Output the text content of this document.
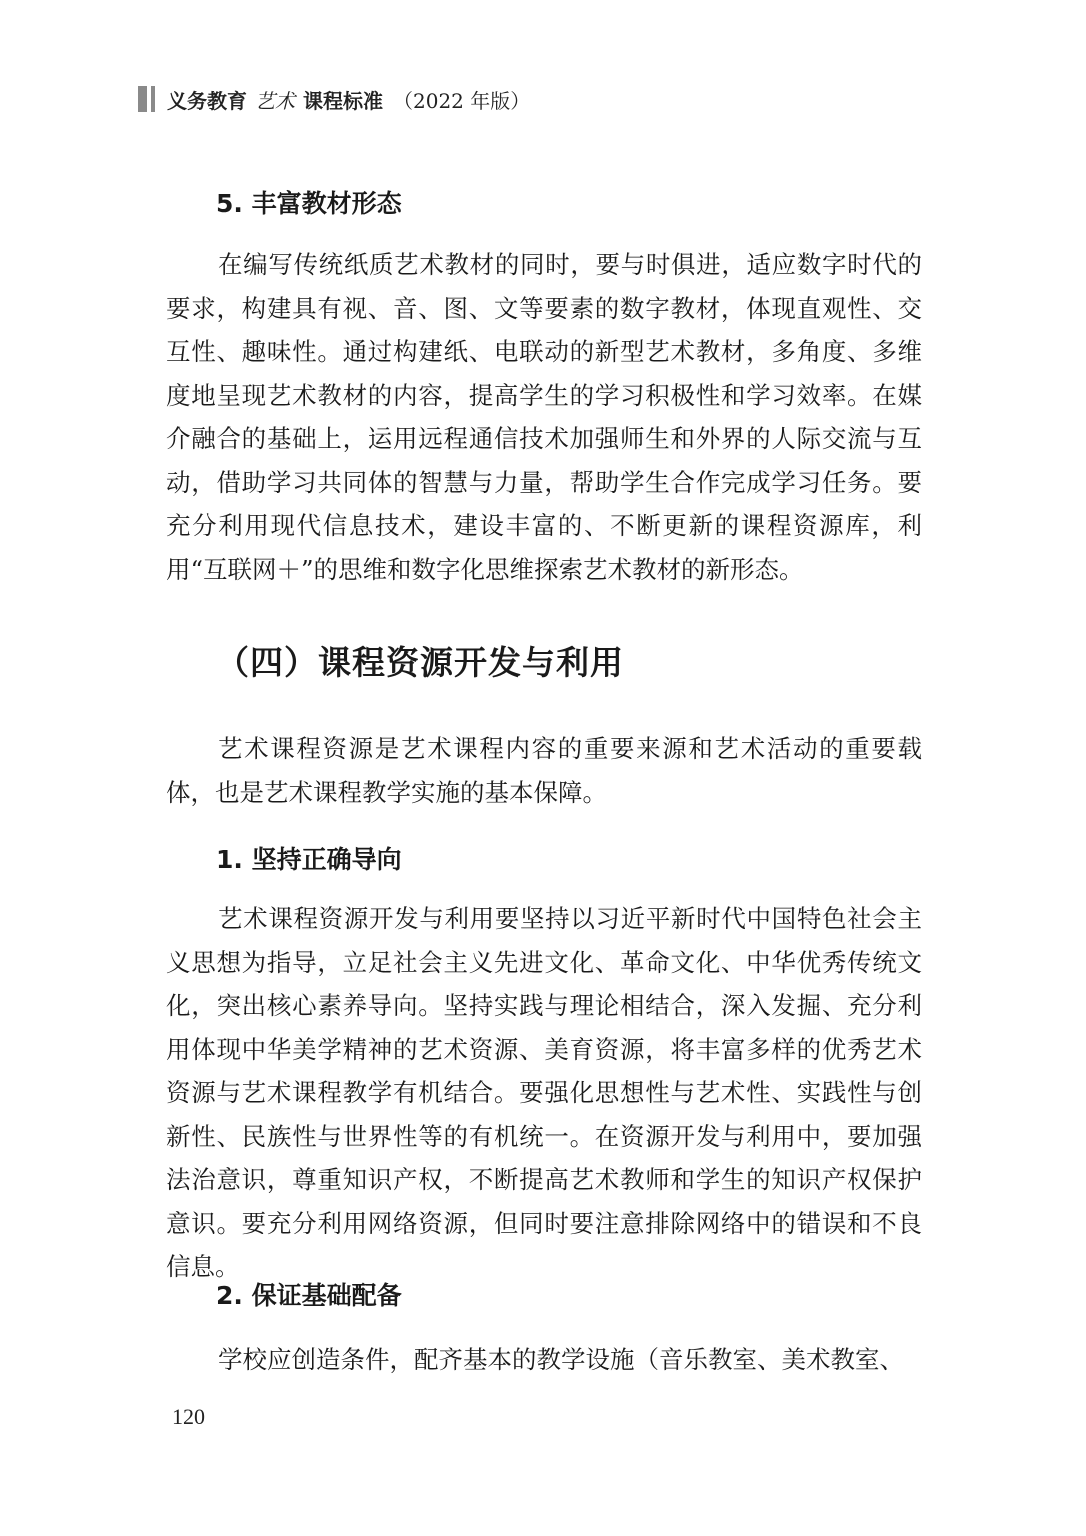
义务教育 艺术 课程标准 （2022 年版）
5. 丰富教材形态

在编写传统纸质艺术教材的同时，要与时俱进，适应数字时代的要求，构建具有视、音、图、文等要素的数字教材，体现直观性、交互性、趣味性。通过构建纸、电联动的新型艺术教材，多角度、多维度地呈现艺术教材的内容，提高学生的学习积极性和学习效率。在媒介融合的基础上，运用远程通信技术加强师生和外界的人际交流与互动，借助学习共同体的智慧与力量，帮助学生合作完成学习任务。要充分利用现代信息技术，建设丰富的、不断更新的课程资源库，利用“互联网＋”的思维和数字化思维探索艺术教材的新形态。

（四）课程资源开发与利用

艺术课程资源是艺术课程内容的重要来源和艺术活动的重要载体，也是艺术课程教学实施的基本保障。

1. 坚持正确导向

艺术课程资源开发与利用要坚持以习近平新时代中国特色社会主义思想为指导，立足社会主义先进文化、革命文化、中华优秀传统文化，突出核心素养导向。坚持实践与理论相结合，深入发掘、充分利用体现中华美学精神的艺术资源、美育资源，将丰富多样的优秀艺术资源与艺术课程教学有机结合。要强化思想性与艺术性、实践性与创新性、民族性与世界性等的有机统一。在资源开发与利用中，要加强法治意识，尊重知识产权，不断提高艺术教师和学生的知识产权保护意识。要充分利用网络资源，但同时要注意排除网络中的错误和不良信息。

2. 保证基础配备

学校应创造条件，配齐基本的教学设施（音乐教室、美术教室、

120
